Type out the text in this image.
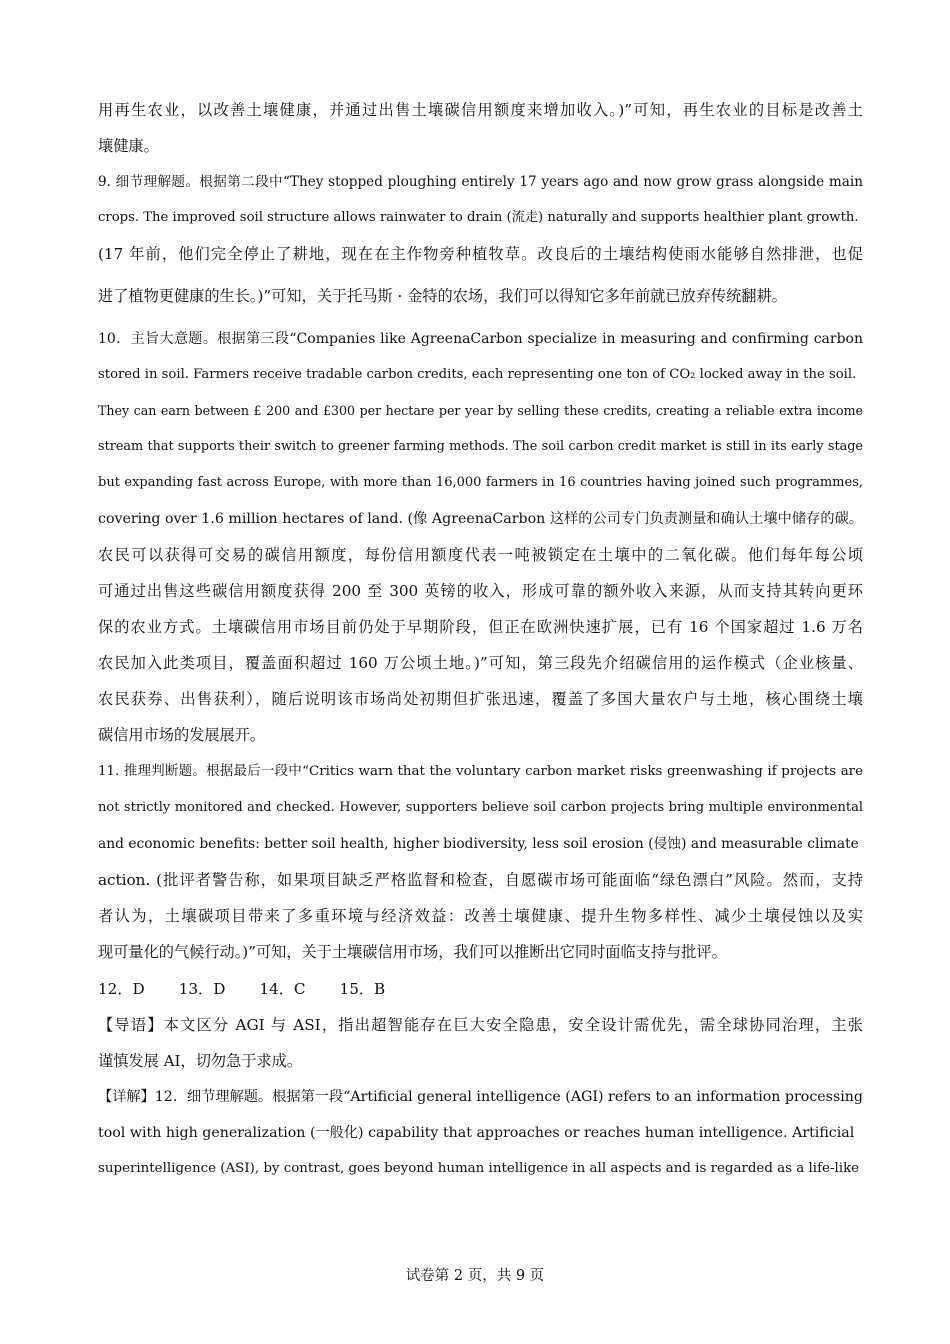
用再生农业，以改善土壤健康，并通过出售土壤碳信用额度来增加收入。)”可知，再生农业的目标是改善土
壤健康。
9. 细节理解题。根据第二段中“They stopped ploughing entirely 17 years ago and now grow grass alongside main
crops. The improved soil structure allows rainwater to drain (流走) naturally and supports healthier plant growth.
(17 年前，他们完全停止了耕地，现在在主作物旁种植牧草。改良后的土壤结构使雨水能够自然排泄，也促
进了植物更健康的生长。)”可知，关于托马斯 · 金特的农场，我们可以得知它多年前就已放弃传统翻耕。
10．主旨大意题。根据第三段“Companies like AgreenaCarbon specialize in measuring and confirming carbon
stored in soil. Farmers receive tradable carbon credits, each representing one ton of CO₂ locked away in the soil.
They can earn between £ 200 and £300 per hectare per year by selling these credits, creating a reliable extra income
stream that supports their switch to greener farming methods. The soil carbon credit market is still in its early stage
but expanding fast across Europe, with more than 16,000 farmers in 16 countries having joined such programmes,
covering over 1.6 million hectares of land. (像 AgreenaCarbon 这样的公司专门负责测量和确认土壤中储存的碳。
农民可以获得可交易的碳信用额度，每份信用额度代表一吨被锁定在土壤中的二氧化碳。他们每年每公顷
可通过出售这些碳信用额度获得 200 至 300 英镑的收入，形成可靠的额外收入来源，从而支持其转向更环
保的农业方式。土壤碳信用市场目前仍处于早期阶段，但正在欧洲快速扩展，已有 16 个国家超过 1.6 万名
农民加入此类项目，覆盖面积超过 160 万公顷土地。)”可知，第三段先介绍碳信用的运作模式（企业核量、
农民获券、出售获利），随后说明该市场尚处初期但扩张迅速，覆盖了多国大量农户与土地，核心围绕土壤
碳信用市场的发展展开。
11. 推理判断题。根据最后一段中“Critics warn that the voluntary carbon market risks greenwashing if projects are
not strictly monitored and checked. However, supporters believe soil carbon projects bring multiple environmental
and economic benefits: better soil health, higher biodiversity, less soil erosion (侵蚀) and measurable climate
action. (批评者警告称，如果项目缺乏严格监督和检查，自愿碳市场可能面临“绿色漂白”风险。然而，支持
者认为，土壤碳项目带来了多重环境与经济效益：改善土壤健康、提升生物多样性、减少土壤侵蚀以及实
现可量化的气候行动。)”可知，关于土壤碳信用市场，我们可以推断出它同时面临支持与批评。
12．D 13．D 14．C 15．B
【导语】本文区分 AGI 与 ASI，指出超智能存在巨大安全隐患，安全设计需优先，需全球协同治理，主张
谨慎发展 AI，切勿急于求成。
【详解】12．细节理解题。根据第一段“Artificial general intelligence (AGI) refers to an information processing
tool with high generalization (一般化) capability that approaches or reaches human intelligence. Artificial
superintelligence (ASI), by contrast, goes beyond human intelligence in all aspects and is regarded as a life-like
试卷第 2 页，共 9 页
